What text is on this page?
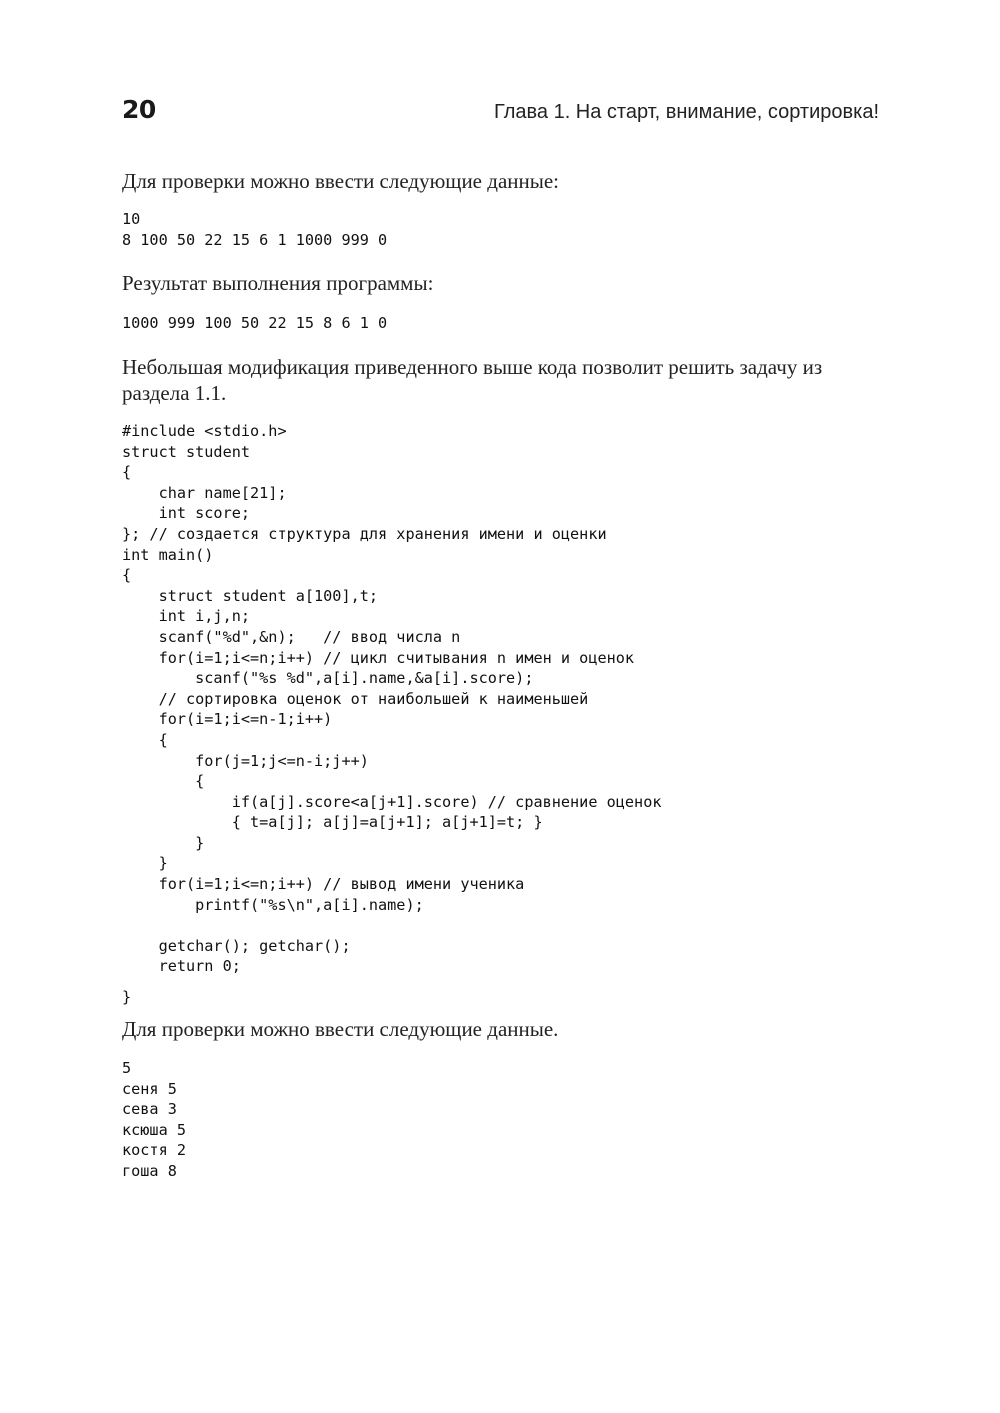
20	Глава 1. На старт, внимание, сортировка!

Для проверки можно ввести следующие данные:

10
8 100 50 22 15 6 1 1000 999 0

Результат выполнения программы:

1000 999 100 50 22 15 8 6 1 0

Небольшая модификация приведенного выше кода позволит решить задачу из раздела 1.1.

#include <stdio.h>
struct student
{
char name[21];
int score;
}; // создается структура для хранения имени и оценки
int main()
{
struct student a[100],t;
int i,j,n;
scanf("%d",&n);   // ввод числа n
for(i=1;i<=n;i++) // цикл считывания n имен и оценок
scanf("%s %d",a[i].name,&a[i].score);
// сортировка оценок от наибольшей к наименьшей
for(i=1;i<=n-1;i++)
{
for(j=1;j<=n-i;j++)
{
if(a[j].score<a[j+1].score) // сравнение оценок
{ t=a[j]; a[j]=a[j+1]; a[j+1]=t; }
}
}
for(i=1;i<=n;i++) // вывод имени ученика
printf("%s\n",a[i].name);

getchar(); getchar();
return 0;
}

Для проверки можно ввести следующие данные.

5
сеня 5
сева 3
ксюша 5
костя 2
гоша 8
